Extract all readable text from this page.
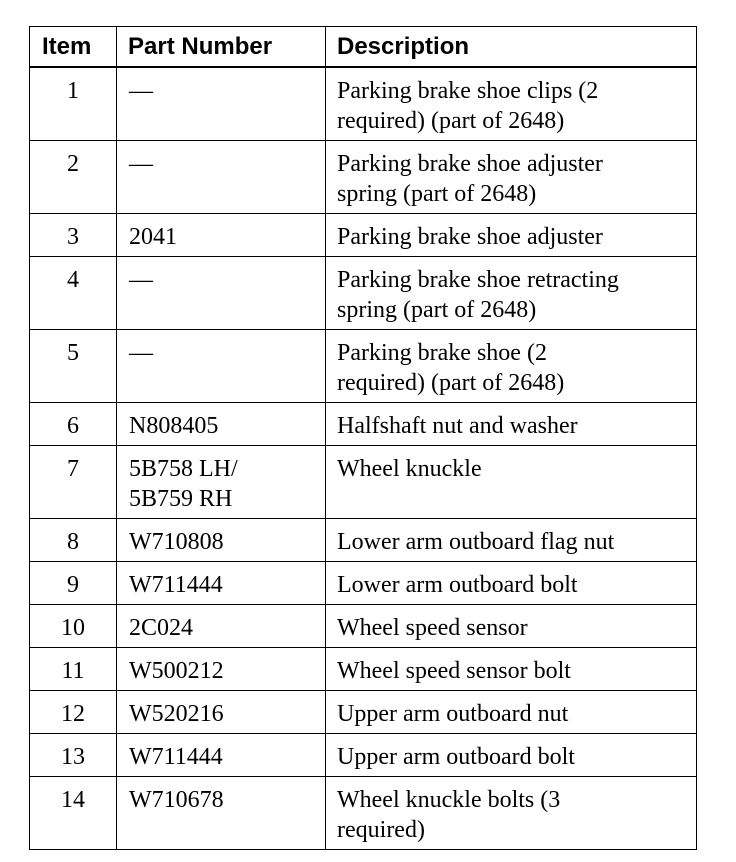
Item	Part Number	Description
1	—	Parking brake shoe clips (2
required) (part of 2648)

2	—	Parking brake shoe adjuster
spring (part of 2648)

3	2041	Parking brake shoe adjuster

4	—	Parking brake shoe retracting
spring (part of 2648)

5	—	Parking brake shoe (2
required) (part of 2648)

6	N808405	Halfshaft nut and washer

7	5B758 LH/
5B759 RH	Wheel knuckle

8	W710808	Lower arm outboard flag nut

9	W711444	Lower arm outboard bolt

10	2C024	Wheel speed sensor

11	W500212	Wheel speed sensor bolt

12	W520216	Upper arm outboard nut

13	W711444	Upper arm outboard bolt

14	W710678	Wheel knuckle bolts (3
required)
